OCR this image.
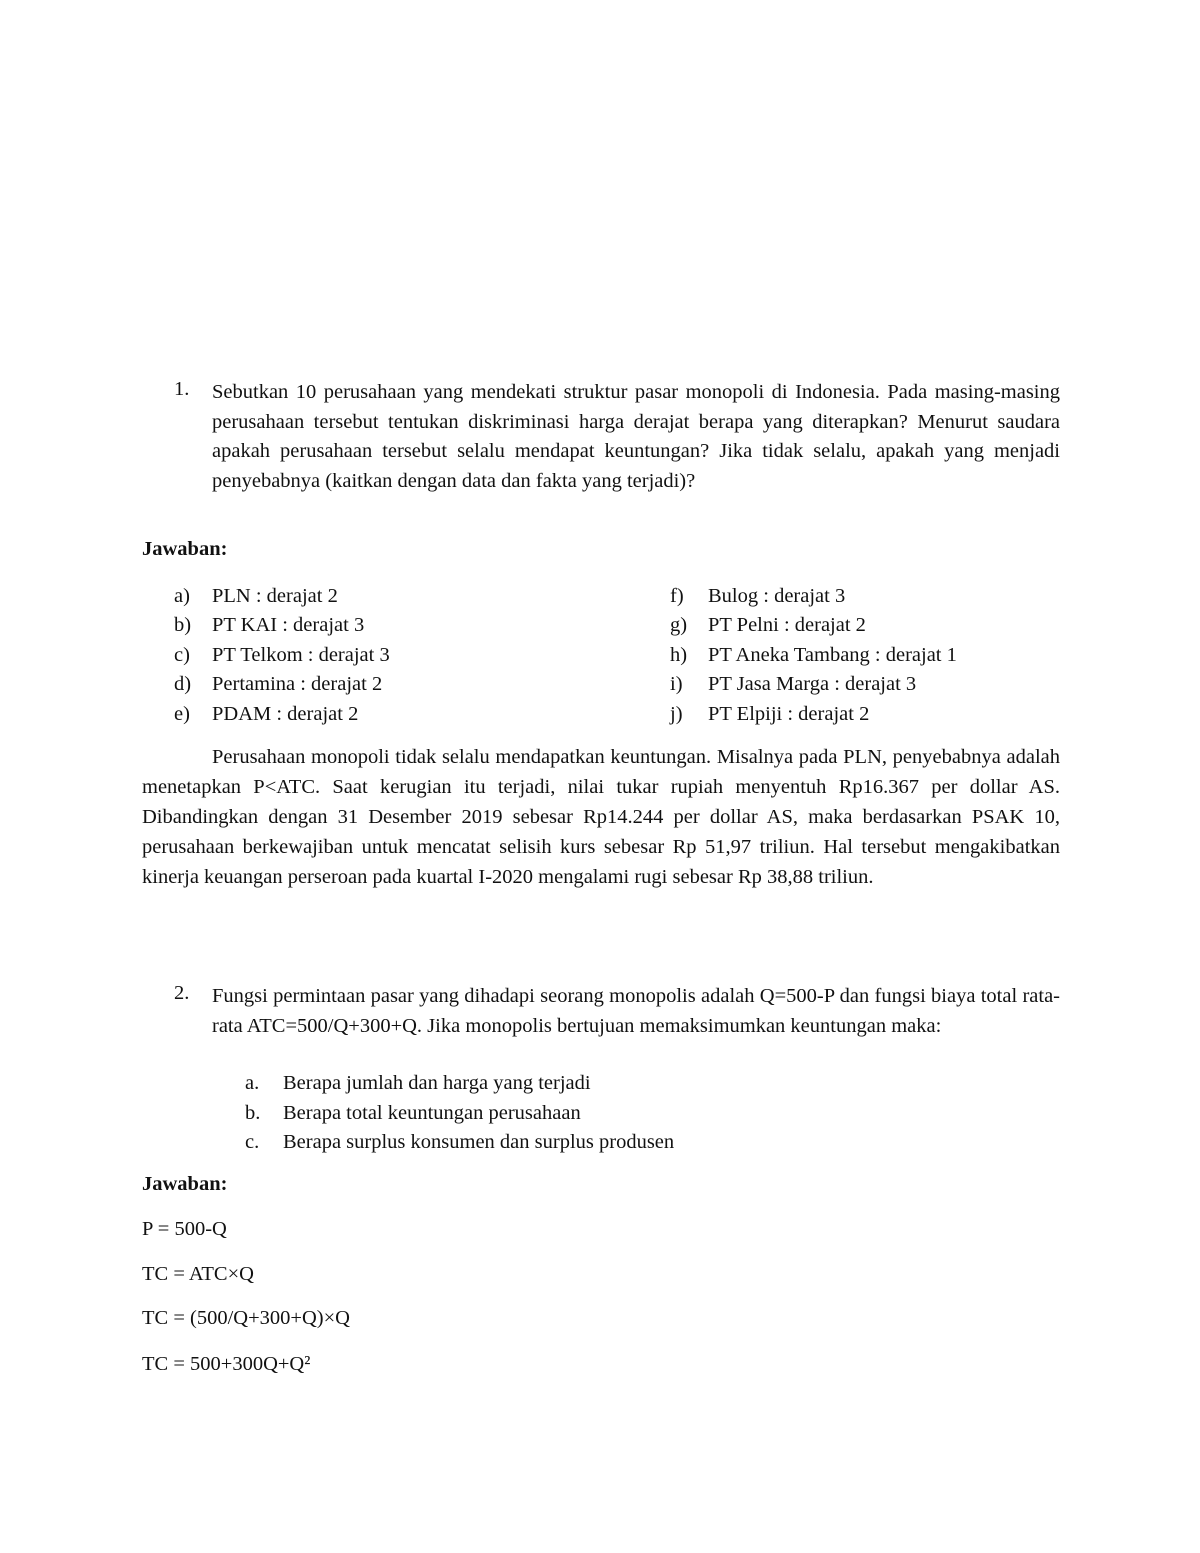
1. Sebutkan 10 perusahaan yang mendekati struktur pasar monopoli di Indonesia. Pada masing-masing perusahaan tersebut tentukan diskriminasi harga derajat berapa yang diterapkan? Menurut saudara apakah perusahaan tersebut selalu mendapat keuntungan? Jika tidak selalu, apakah yang menjadi penyebabnya (kaitkan dengan data dan fakta yang terjadi)?
Jawaban:
a) PLN : derajat 2
b) PT KAI : derajat 3
c) PT Telkom : derajat 3
d) Pertamina : derajat 2
e) PDAM : derajat 2
f) Bulog : derajat 3
g) PT Pelni : derajat 2
h) PT Aneka Tambang : derajat 1
i) PT Jasa Marga : derajat 3
j) PT Elpiji : derajat 2
Perusahaan monopoli tidak selalu mendapatkan keuntungan. Misalnya pada PLN, penyebabnya adalah menetapkan P<ATC. Saat kerugian itu terjadi, nilai tukar rupiah menyentuh Rp16.367 per dollar AS. Dibandingkan dengan 31 Desember 2019 sebesar Rp14.244 per dollar AS, maka berdasarkan PSAK 10, perusahaan berkewajiban untuk mencatat selisih kurs sebesar Rp 51,97 triliun. Hal tersebut mengakibatkan kinerja keuangan perseroan pada kuartal I-2020 mengalami rugi sebesar Rp 38,88 triliun.
2. Fungsi permintaan pasar yang dihadapi seorang monopolis adalah Q=500-P dan fungsi biaya total rata-rata ATC=500/Q+300+Q. Jika monopolis bertujuan memaksimumkan keuntungan maka:
a. Berapa jumlah dan harga yang terjadi
b. Berapa total keuntungan perusahaan
c. Berapa surplus konsumen dan surplus produsen
Jawaban:
P = 500-Q
TC = ATC×Q
TC = (500/Q+300+Q)×Q
TC = 500+300Q+Q²
